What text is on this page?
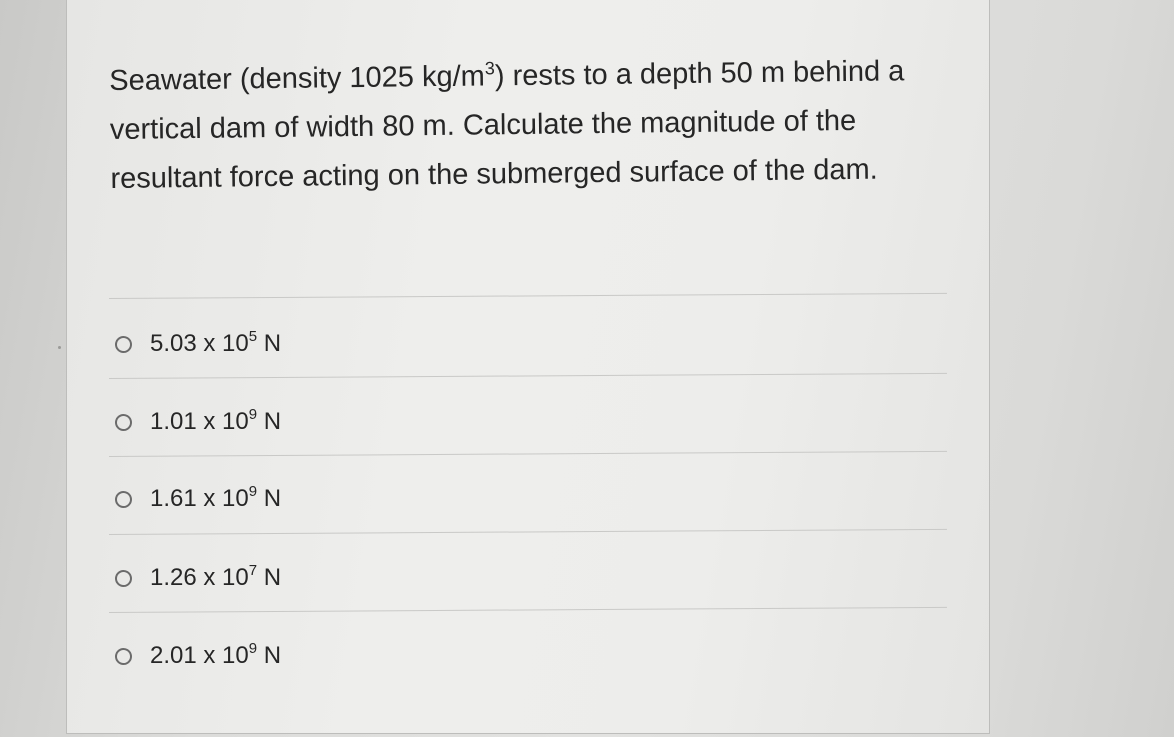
Seawater (density 1025 $kg/m^3$) rests to a depth 50 m behind a vertical dam of width 80 m. Calculate the magnitude of the resultant force acting on the submerged surface of the dam.

5.03 x $10^5$ N
1.01 x $10^9$ N
1.61 x $10^9$ N
1.26 x $10^7$ N
2.01 x $10^9$ N
